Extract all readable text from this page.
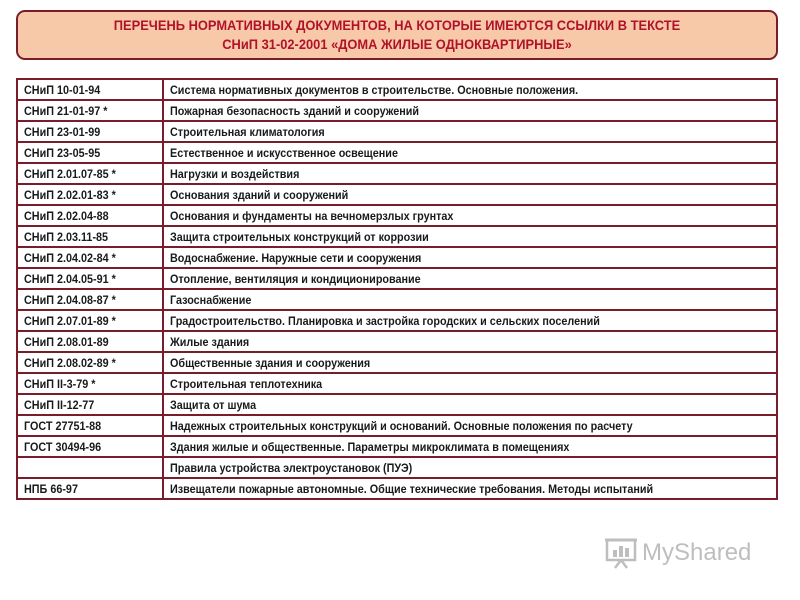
ПЕРЕЧЕНЬ НОРМАТИВНЫХ ДОКУМЕНТОВ, НА КОТОРЫЕ ИМЕЮТСЯ ССЫЛКИ В ТЕКСТЕ
СНиП 31-02-2001 «ДОМА ЖИЛЫЕ ОДНОКВАРТИРНЫЕ»
СНиП 10-01-94	Система нормативных документов в строительстве. Основные положения.
СНиП 21-01-97 *	Пожарная безопасность зданий и сооружений
СНиП 23-01-99	Строительная климатология
СНиП 23-05-95	Естественное и искусственное освещение
СНиП 2.01.07-85 *	Нагрузки и воздействия
СНиП 2.02.01-83 *	Основания зданий и сооружений
СНиП 2.02.04-88	Основания и фундаменты на вечномерзлых грунтах
СНиП 2.03.11-85	Защита строительных конструкций от коррозии
СНиП 2.04.02-84 *	Водоснабжение. Наружные сети и сооружения
СНиП 2.04.05-91 *	Отопление, вентиляция и кондиционирование
СНиП 2.04.08-87 *	Газоснабжение
СНиП 2.07.01-89 *	Градостроительство. Планировка и застройка городских и сельских поселений
СНиП 2.08.01-89	Жилые здания
СНиП 2.08.02-89 *	Общественные здания и сооружения
СНиП II-3-79 *	Строительная теплотехника
СНиП II-12-77	Защита от шума
ГОСТ 27751-88	Надежных строительных конструкций и оснований. Основные положения по расчету
ГОСТ 30494-96	Здания жилые и общественные. Параметры микроклимата в помещениях
	Правила устройства электроустановок (ПУЭ)
НПБ 66-97	Извещатели пожарные автономные. Общие технические требования. Методы испытаний
MyShared
